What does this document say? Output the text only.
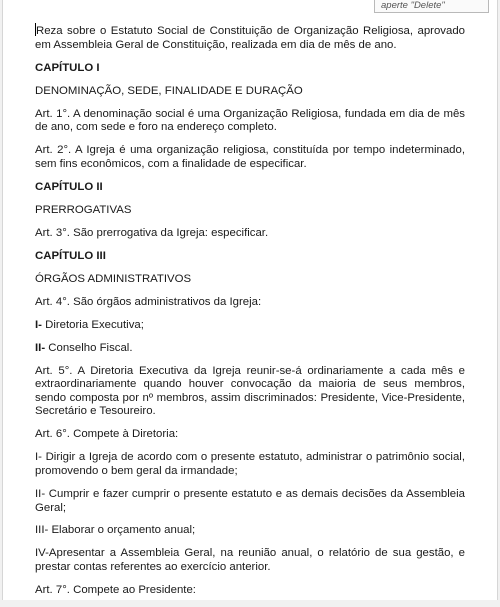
aperte "Delete"

Reza sobre o Estatuto Social de Constituição de Organização Religiosa, aprovado em Assembleia Geral de Constituição, realizada em dia de mês de ano.

CAPÍTULO I

DENOMINAÇÃO, SEDE, FINALIDADE E DURAÇÃO

Art. 1°. A denominação social é uma Organização Religiosa, fundada em dia de mês de ano, com sede e foro na endereço completo.

Art. 2°. A Igreja é uma organização religiosa, constituída por tempo indeterminado, sem fins econômicos, com a finalidade de especificar.

CAPÍTULO II

PRERROGATIVAS

Art. 3°. São prerrogativa da Igreja: especificar.

CAPÍTULO III

ÓRGÃOS ADMINISTRATIVOS

Art. 4°. São órgãos administrativos da Igreja:

I- Diretoria Executiva;

II- Conselho Fiscal.

Art. 5°. A Diretoria Executiva da Igreja reunir-se-á ordinariamente a cada mês e extraordinariamente quando houver convocação da maioria de seus membros, sendo composta por nº membros, assim discriminados: Presidente, Vice-Presidente, Secretário e Tesoureiro.

Art. 6°. Compete à Diretoria:

I- Dirigir a Igreja de acordo com o presente estatuto, administrar o patrimônio social, promovendo o bem geral da irmandade;

II- Cumprir e fazer cumprir o presente estatuto e as demais decisões da Assembleia Geral;

III- Elaborar o orçamento anual;

IV-Apresentar a Assembleia Geral, na reunião anual, o relatório de sua gestão, e prestar contas referentes ao exercício anterior.

Art. 7°. Compete ao Presidente:
